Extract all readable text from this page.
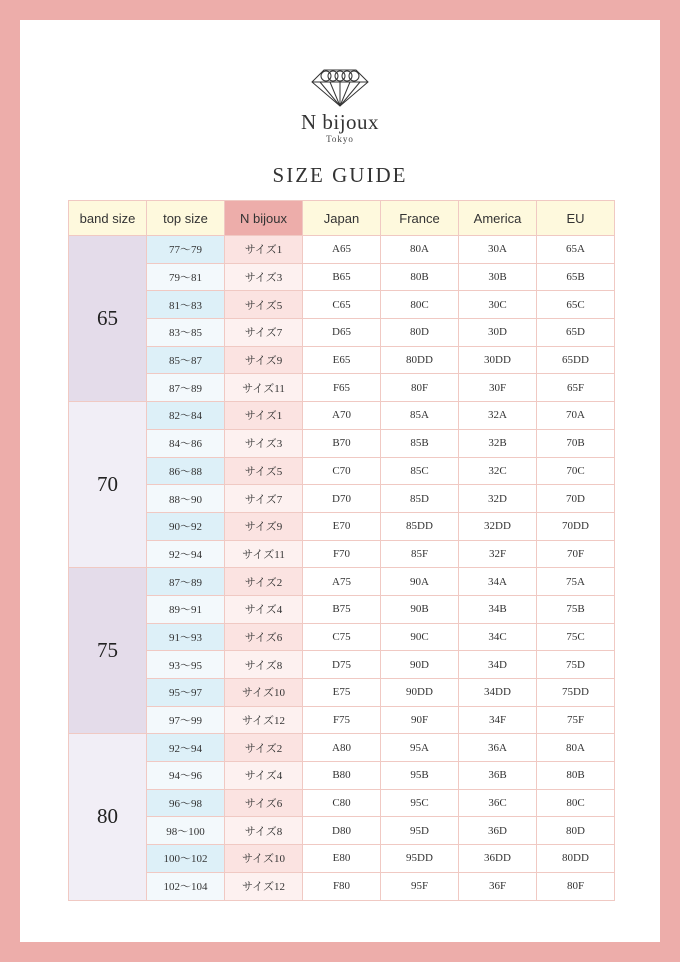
N bijoux
Tokyo
SIZE GUIDE
band size	top size	N bijoux	Japan	France	America	EU
65	77～79	サイズ1	A65	80A	30A	65A
	79～81	サイズ3	B65	80B	30B	65B
	81～83	サイズ5	C65	80C	30C	65C
	83～85	サイズ7	D65	80D	30D	65D
	85～87	サイズ9	E65	80DD	30DD	65DD
	87～89	サイズ11	F65	80F	30F	65F
70	82～84	サイズ1	A70	85A	32A	70A
	84～86	サイズ3	B70	85B	32B	70B
	86～88	サイズ5	C70	85C	32C	70C
	88～90	サイズ7	D70	85D	32D	70D
	90～92	サイズ9	E70	85DD	32DD	70DD
	92～94	サイズ11	F70	85F	32F	70F
75	87～89	サイズ2	A75	90A	34A	75A
	89～91	サイズ4	B75	90B	34B	75B
	91～93	サイズ6	C75	90C	34C	75C
	93～95	サイズ8	D75	90D	34D	75D
	95～97	サイズ10	E75	90DD	34DD	75DD
	97～99	サイズ12	F75	90F	34F	75F
80	92～94	サイズ2	A80	95A	36A	80A
	94～96	サイズ4	B80	95B	36B	80B
	96～98	サイズ6	C80	95C	36C	80C
	98～100	サイズ8	D80	95D	36D	80D
	100～102	サイズ10	E80	95DD	36DD	80DD
	102～104	サイズ12	F80	95F	36F	80F
